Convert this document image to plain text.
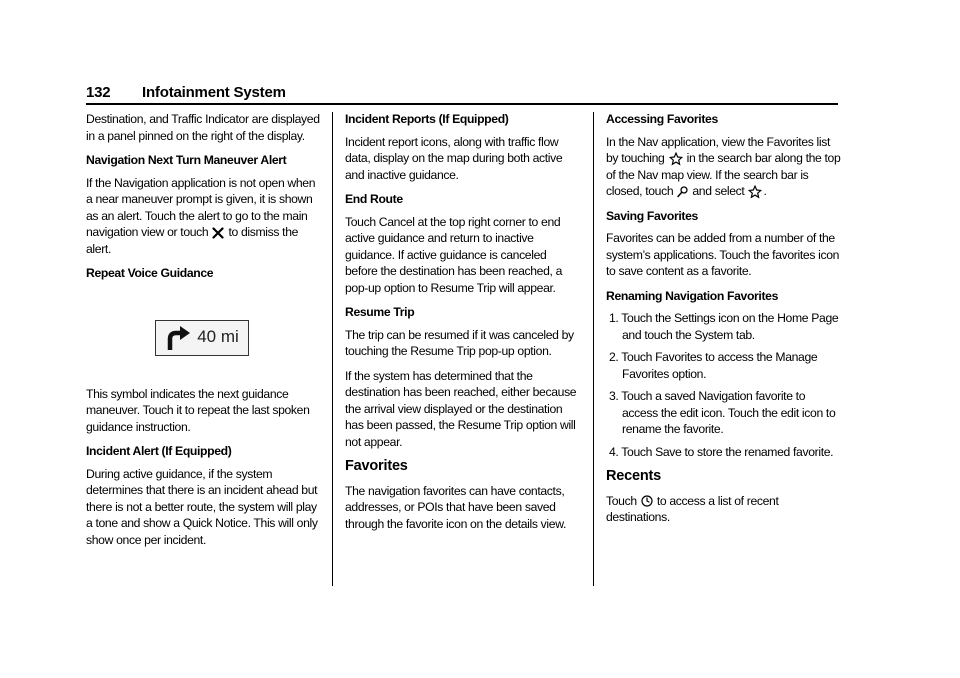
132 Infotainment System

Destination, and Traffic Indicator are displayed in a panel pinned on the right of the display.

Navigation Next Turn Maneuver Alert

If the Navigation application is not open when a near maneuver prompt is given, it is shown as an alert. Touch the alert to go to the main navigation view or touch to dismiss the alert.

Repeat Voice Guidance

40 mi

This symbol indicates the next guidance maneuver. Touch it to repeat the last spoken guidance instruction.

Incident Alert (If Equipped)

During active guidance, if the system determines that there is an incident ahead but there is not a better route, the system will play a tone and show a Quick Notice. This will only show once per incident.

Incident Reports (If Equipped)

Incident report icons, along with traffic flow data, display on the map during both active and inactive guidance.

End Route

Touch Cancel at the top right corner to end active guidance and return to inactive guidance. If active guidance is canceled before the destination has been reached, a pop-up option to Resume Trip will appear.

Resume Trip

The trip can be resumed if it was canceled by touching the Resume Trip pop-up option.

If the system has determined that the destination has been reached, either because the arrival view displayed or the destination has been passed, the Resume Trip option will not appear.

Favorites

The navigation favorites can have contacts, addresses, or POIs that have been saved through the favorite icon on the details view.

Accessing Favorites

In the Nav application, view the Favorites list by touching in the search bar along the top of the Nav map view. If the search bar is closed, touch and select .

Saving Favorites

Favorites can be added from a number of the system’s applications. Touch the favorites icon to save content as a favorite.

Renaming Navigation Favorites

1. Touch the Settings icon on the Home Page and touch the System tab.
2. Touch Favorites to access the Manage Favorites option.
3. Touch a saved Navigation favorite to access the edit icon. Touch the edit icon to rename the favorite.
4. Touch Save to store the renamed favorite.
Recents

Touch to access a list of recent destinations.
